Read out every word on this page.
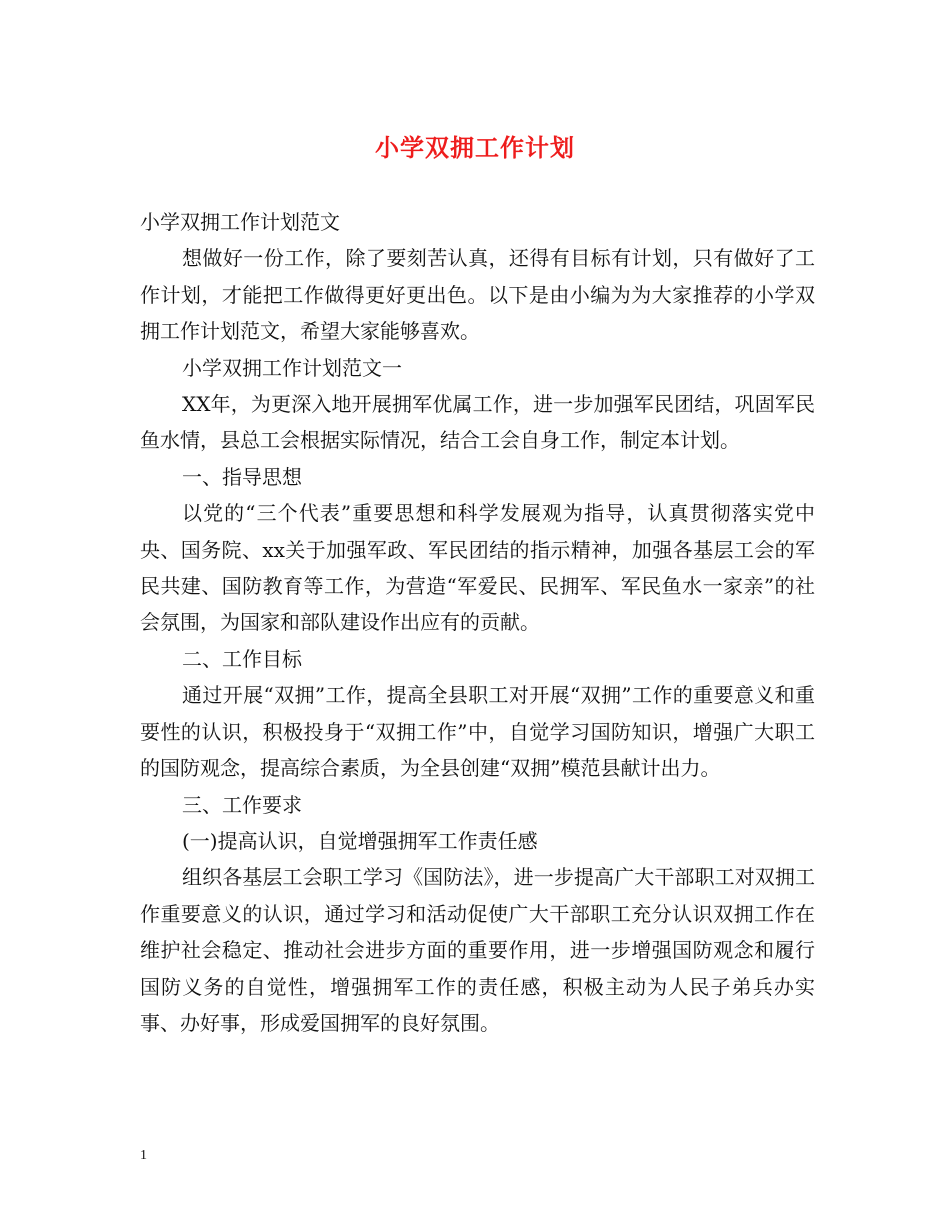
小学双拥工作计划

小学双拥工作计划范文

想做好一份工作，除了要刻苦认真，还得有目标有计划，只有做好了工作计划，才能把工作做得更好更出色。以下是由小编为为大家推荐的小学双拥工作计划范文，希望大家能够喜欢。

小学双拥工作计划范文一

XX年，为更深入地开展拥军优属工作，进一步加强军民团结，巩固军民鱼水情，县总工会根据实际情况，结合工会自身工作，制定本计划。

一、指导思想

以党的“三个代表”重要思想和科学发展观为指导，认真贯彻落实党中央、国务院、xx关于加强军政、军民团结的指示精神，加强各基层工会的军民共建、国防教育等工作，为营造“军爱民、民拥军、军民鱼水一家亲”的社会氛围，为国家和部队建设作出应有的贡献。

二、工作目标

通过开展“双拥”工作，提高全县职工对开展“双拥”工作的重要意义和重要性的认识，积极投身于“双拥工作”中，自觉学习国防知识，增强广大职工的国防观念，提高综合素质，为全县创建“双拥”模范县献计出力。

三、工作要求

(一)提高认识，自觉增强拥军工作责任感

组织各基层工会职工学习《国防法》，进一步提高广大干部职工对双拥工作重要意义的认识，通过学习和活动促使广大干部职工充分认识双拥工作在维护社会稳定、推动社会进步方面的重要作用，进一步增强国防观念和履行国防义务的自觉性，增强拥军工作的责任感，积极主动为人民子弟兵办实事、办好事，形成爱国拥军的良好氛围。

1
